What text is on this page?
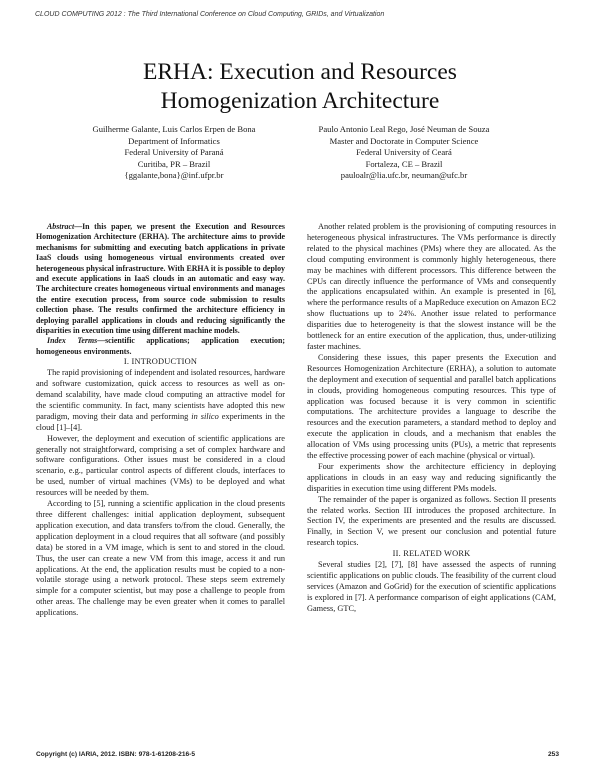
CLOUD COMPUTING 2012 : The Third International Conference on Cloud Computing, GRIDs, and Virtualization
ERHA: Execution and Resources
Homogenization Architecture
Guilherme Galante, Luis Carlos Erpen de Bona
Department of Informatics
Federal University of Paraná
Curitiba, PR – Brazil
{ggalante,bona}@inf.ufpr.br
Paulo Antonio Leal Rego, José Neuman de Souza
Master and Doctorate in Computer Science
Federal University of Ceará
Fortaleza, CE – Brazil
pauloalr@lia.ufc.br, neuman@ufc.br

Abstract—In this paper, we present the Execution and Resources Homogenization Architecture (ERHA). The architecture aims to provide mechanisms for submitting and executing batch applications in private IaaS clouds using homogeneous virtual environments created over heterogeneous physical infrastructure. With ERHA it is possible to deploy and execute applications in IaaS clouds in an automatic and easy way. The architecture creates homogeneous virtual environments and manages the entire execution process, from source code submission to results collection phase. The results confirmed the architecture efficiency in deploying parallel applications in clouds and reducing significantly the disparities in execution time using different machine models.

Index Terms—scientific applications; application execution; homogeneous environments.

I. INTRODUCTION

The rapid provisioning of independent and isolated resources, hardware and software customization, quick access to resources as well as on-demand scalability, have made cloud computing an attractive model for the scientific community. In fact, many scientists have adopted this new paradigm, moving their data and performing in silico experiments in the cloud [1]–[4].

However, the deployment and execution of scientific applications are generally not straightforward, comprising a set of complex hardware and software configurations. Other issues must be considered in a cloud scenario, e.g., particular control aspects of different clouds, interfaces to be used, number of virtual machines (VMs) to be deployed and what resources will be needed by them.

According to [5], running a scientific application in the cloud presents three different challenges: initial application deployment, subsequent application execution, and data transfers to/from the cloud. Generally, the application deployment in a cloud requires that all software (and possibly data) be stored in a VM image, which is sent to and stored in the cloud. Thus, the user can create a new VM from this image, access it and run applications. At the end, the application results must be copied to a non-volatile storage using a network protocol. These steps seem extremely simple for a computer scientist, but may pose a challenge to people from other areas. The challenge may be even greater when it comes to parallel applications.

Another related problem is the provisioning of computing resources in heterogeneous physical infrastructures. The VMs performance is directly related to the physical machines (PMs) where they are allocated. As the cloud computing environment is commonly highly heterogeneous, there may be machines with different processors. This difference between the CPUs can directly influence the performance of VMs and consequently the applications encapsulated within. An example is presented in [6], where the performance results of a MapReduce execution on Amazon EC2 show fluctuations up to 24%. Another issue related to performance disparities due to heterogeneity is that the slowest instance will be the bottleneck for an entire execution of the application, thus, under-utilizing faster machines.

Considering these issues, this paper presents the Execution and Resources Homogenization Architecture (ERHA), a solution to automate the deployment and execution of sequential and parallel batch applications in clouds, providing homogeneous computing resources. This type of application was focused because it is very common in scientific computations. The architecture provides a language to describe the resources and the execution parameters, a standard method to deploy and execute the application in clouds, and a mechanism that enables the allocation of VMs using processing units (PUs), a metric that represents the effective processing power of each machine (physical or virtual).

Four experiments show the architecture efficiency in deploying applications in clouds in an easy way and reducing significantly the disparities in execution time using different PMs models.

The remainder of the paper is organized as follows. Section II presents the related works. Section III introduces the proposed architecture. In Section IV, the experiments are presented and the results are discussed. Finally, in Section V, we present our conclusion and potential future research topics.

II. RELATED WORK

Several studies [2], [7], [8] have assessed the aspects of running scientific applications on public clouds. The feasibility of the current cloud services (Amazon and GoGrid) for the execution of scientific applications is explored in [7]. A performance comparison of eight applications (CAM, Gamess, GTC,

Copyright (c) IARIA, 2012. ISBN: 978-1-61208-216-5	253
